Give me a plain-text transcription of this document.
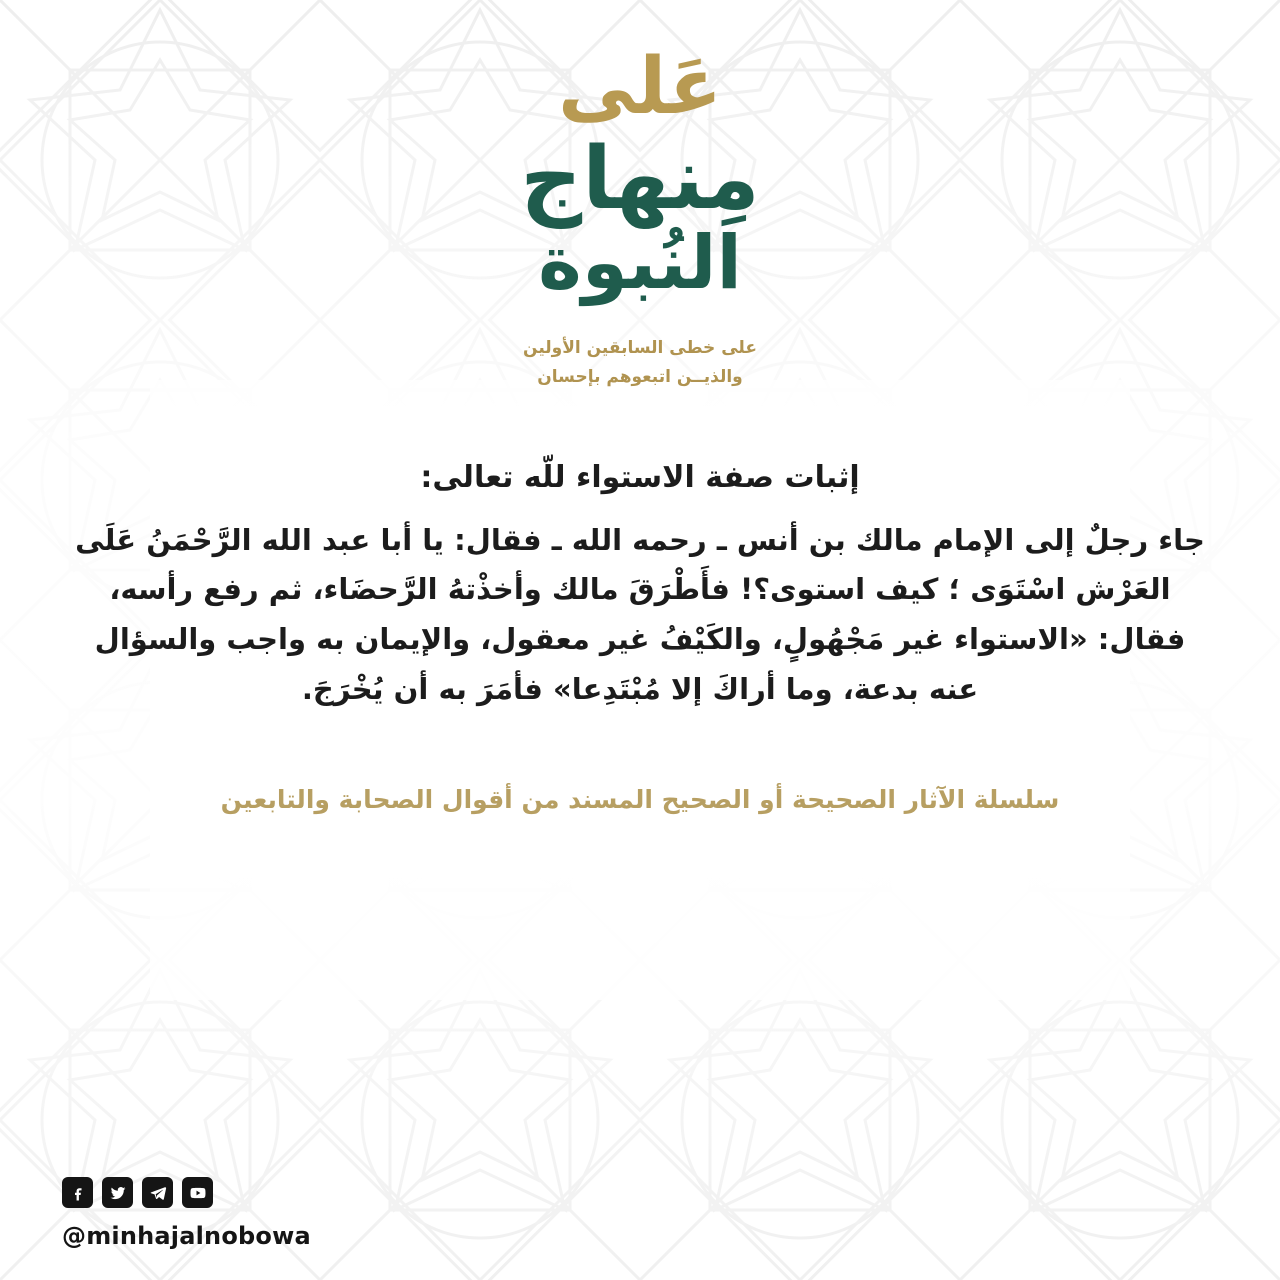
عَلى
مِنهاج
النُبوة
على خطى السابقين الأولين
والذيــن اتبعوهم بإحسان
إثبات صفة الاستواء للّه تعالى:
جاء رجلٌ إلى الإمام مالك بن أنس ـ رحمه الله ـ فقال: يا أبا عبد الله الرَّحْمَنُ عَلَى العَرْش اسْتَوَى ؛ كيف استوى؟! فأَطْرَقَ مالك وأخذْتهُ الرَّحضَاء، ثم رفع رأسه، فقال: «الاستواء غير مَجْهُولٍ، والكَيْفُ غير معقول، والإيمان به واجب والسؤال عنه بدعة، وما أراكَ إلا مُبْتَدِعا» فأمَرَ به أن يُخْرَجَ.
سلسلة الآثار الصحيحة أو الصحيح المسند من أقوال الصحابة والتابعين
@minhajalnobowa
